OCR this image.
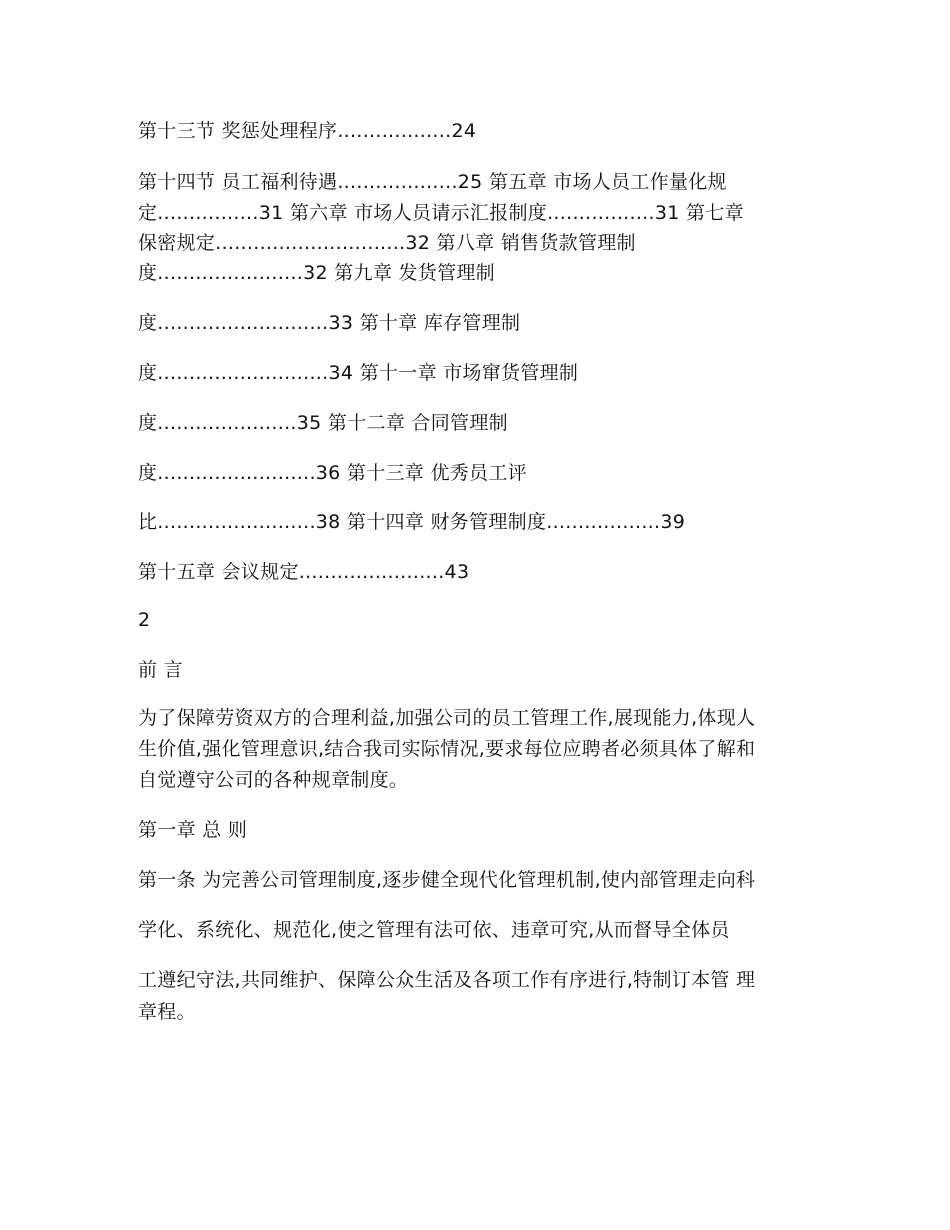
第十三节 奖惩处理程序..................24
第十四节 员工福利待遇...................25 第五章 市场人员工作量化规
定................31 第六章 市场人员请示汇报制度.................31 第七章
保密规定..............................32 第八章 销售货款管理制
度.......................32 第九章 发货管理制
度...........................33 第十章 库存管理制
度...........................34 第十一章 市场窜货管理制
度......................35 第十二章 合同管理制
度.........................36 第十三章 优秀员工评
比.........................38 第十四章 财务管理制度..................39
第十五章 会议规定.......................43
2
前 言
为了保障劳资双方的合理利益,加强公司的员工管理工作,展现能力,体现人
生价值,强化管理意识,结合我司实际情况,要求每位应聘者必须具体了解和
自觉遵守公司的各种规章制度。
第一章 总 则
第一条 为完善公司管理制度,逐步健全现代化管理机制,使内部管理走向科
学化、系统化、规范化,使之管理有法可依、违章可究,从而督导全体员
工遵纪守法,共同维护、保障公众生活及各项工作有序进行,特制订本管 理
章程。
